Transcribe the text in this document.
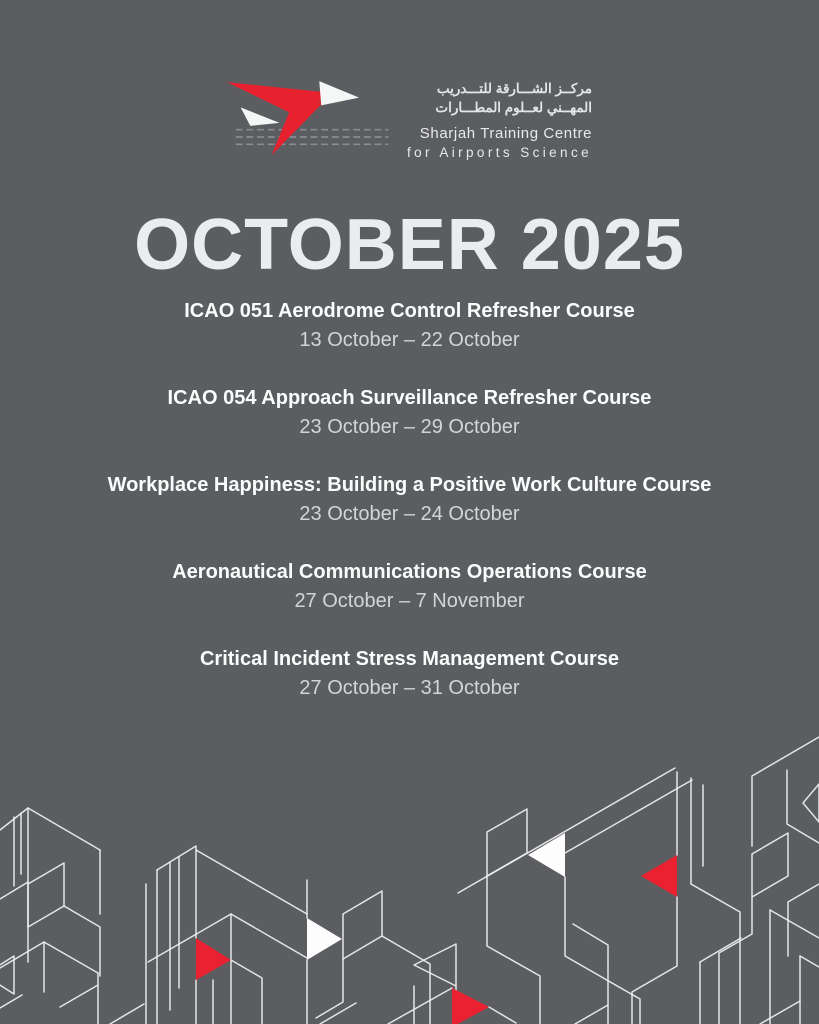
مركــز الشـــارقة للتـــدريب
المهــني لعــلوم المطـــارات
Sharjah Training Centre
for Airports Science
OCTOBER 2025

ICAO 051 Aerodrome Control Refresher Course

13 October – 22 October

ICAO 054 Approach Surveillance Refresher Course

23 October – 29 October

Workplace Happiness: Building a Positive Work Culture Course

23 October – 24 October

Aeronautical Communications Operations Course

27 October – 7 November

Critical Incident Stress Management Course

27 October – 31 October
